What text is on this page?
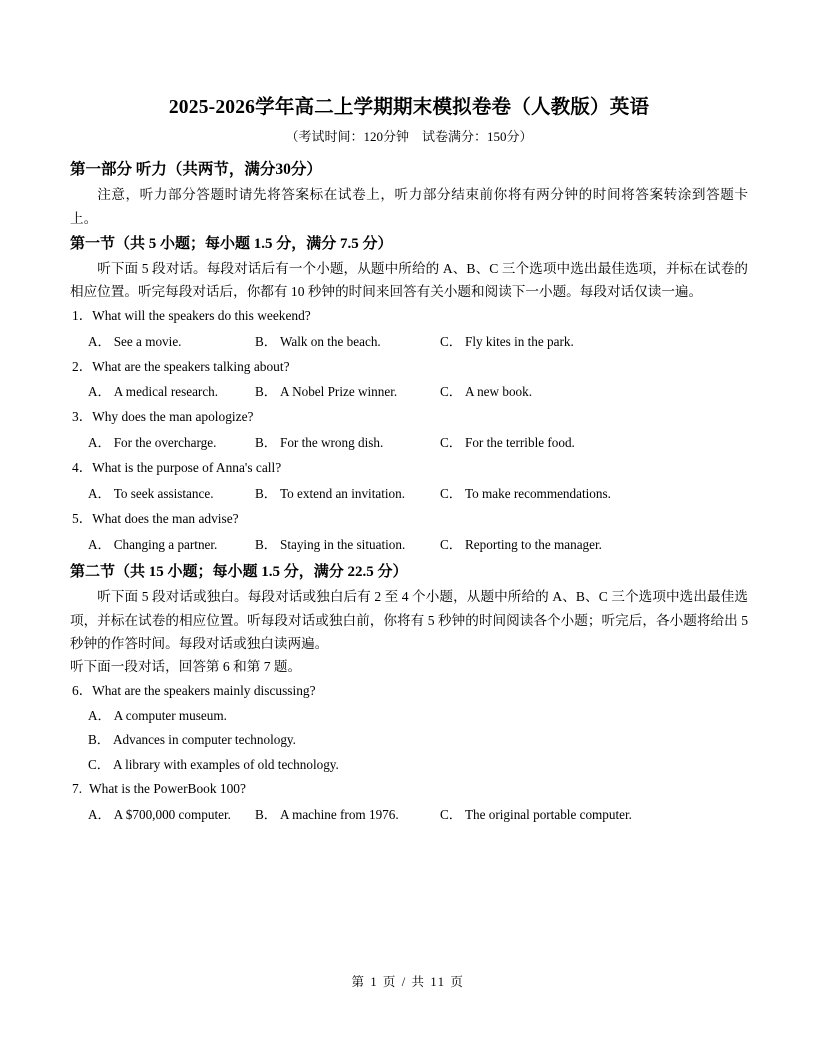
2025-2026学年高二上学期期末模拟卷卷（人教版）英语
（考试时间：120分钟　试卷满分：150分）
第一部分 听力（共两节，满分30分）

注意，听力部分答题时请先将答案标在试卷上，听力部分结束前你将有两分钟的时间将答案转涂到答题卡上。

第一节（共 5 小题；每小题 1.5 分，满分 7.5 分）

听下面 5 段对话。每段对话后有一个小题，从题中所给的 A、B、C 三个选项中选出最佳选项，并标在试卷的相应位置。听完每段对话后，你都有 10 秒钟的时间来回答有关小题和阅读下一小题。每段对话仅读一遍。

1．What will the speakers do this weekend?

A． See a movie.	B． Walk on the beach.	C． Fly kites in the park.

2．What are the speakers talking about?

A． A medical research.	B． A Nobel Prize winner.	C． A new book.

3．Why does the man apologize?

A． For the overcharge.	B． For the wrong dish.	C． For the terrible food.

4．What is the purpose of Anna's call?

A． To seek assistance.	B． To extend an invitation.	C． To make recommendations.

5．What does the man advise?

A． Changing a partner.	B． Staying in the situation.	C． Reporting to the manager.
第二节（共 15 小题；每小题 1.5 分，满分 22.5 分）

听下面 5 段对话或独白。每段对话或独白后有 2 至 4 个小题，从题中所给的 A、B、C 三个选项中选出最佳选项，并标在试卷的相应位置。听每段对话或独白前，你将有 5 秒钟的时间阅读各个小题；听完后，各小题将给出 5 秒钟的作答时间。每段对话或独白读两遍。

听下面一段对话，回答第 6 和第 7 题。

6．What are the speakers mainly discussing?

A． A computer museum.

B． Advances in computer technology.

C． A library with examples of old technology.

7. What is the PowerBook 100?

A． A $700,000 computer. B． A machine from 1976.	C． The original portable computer.
第 1 页 / 共 11 页
